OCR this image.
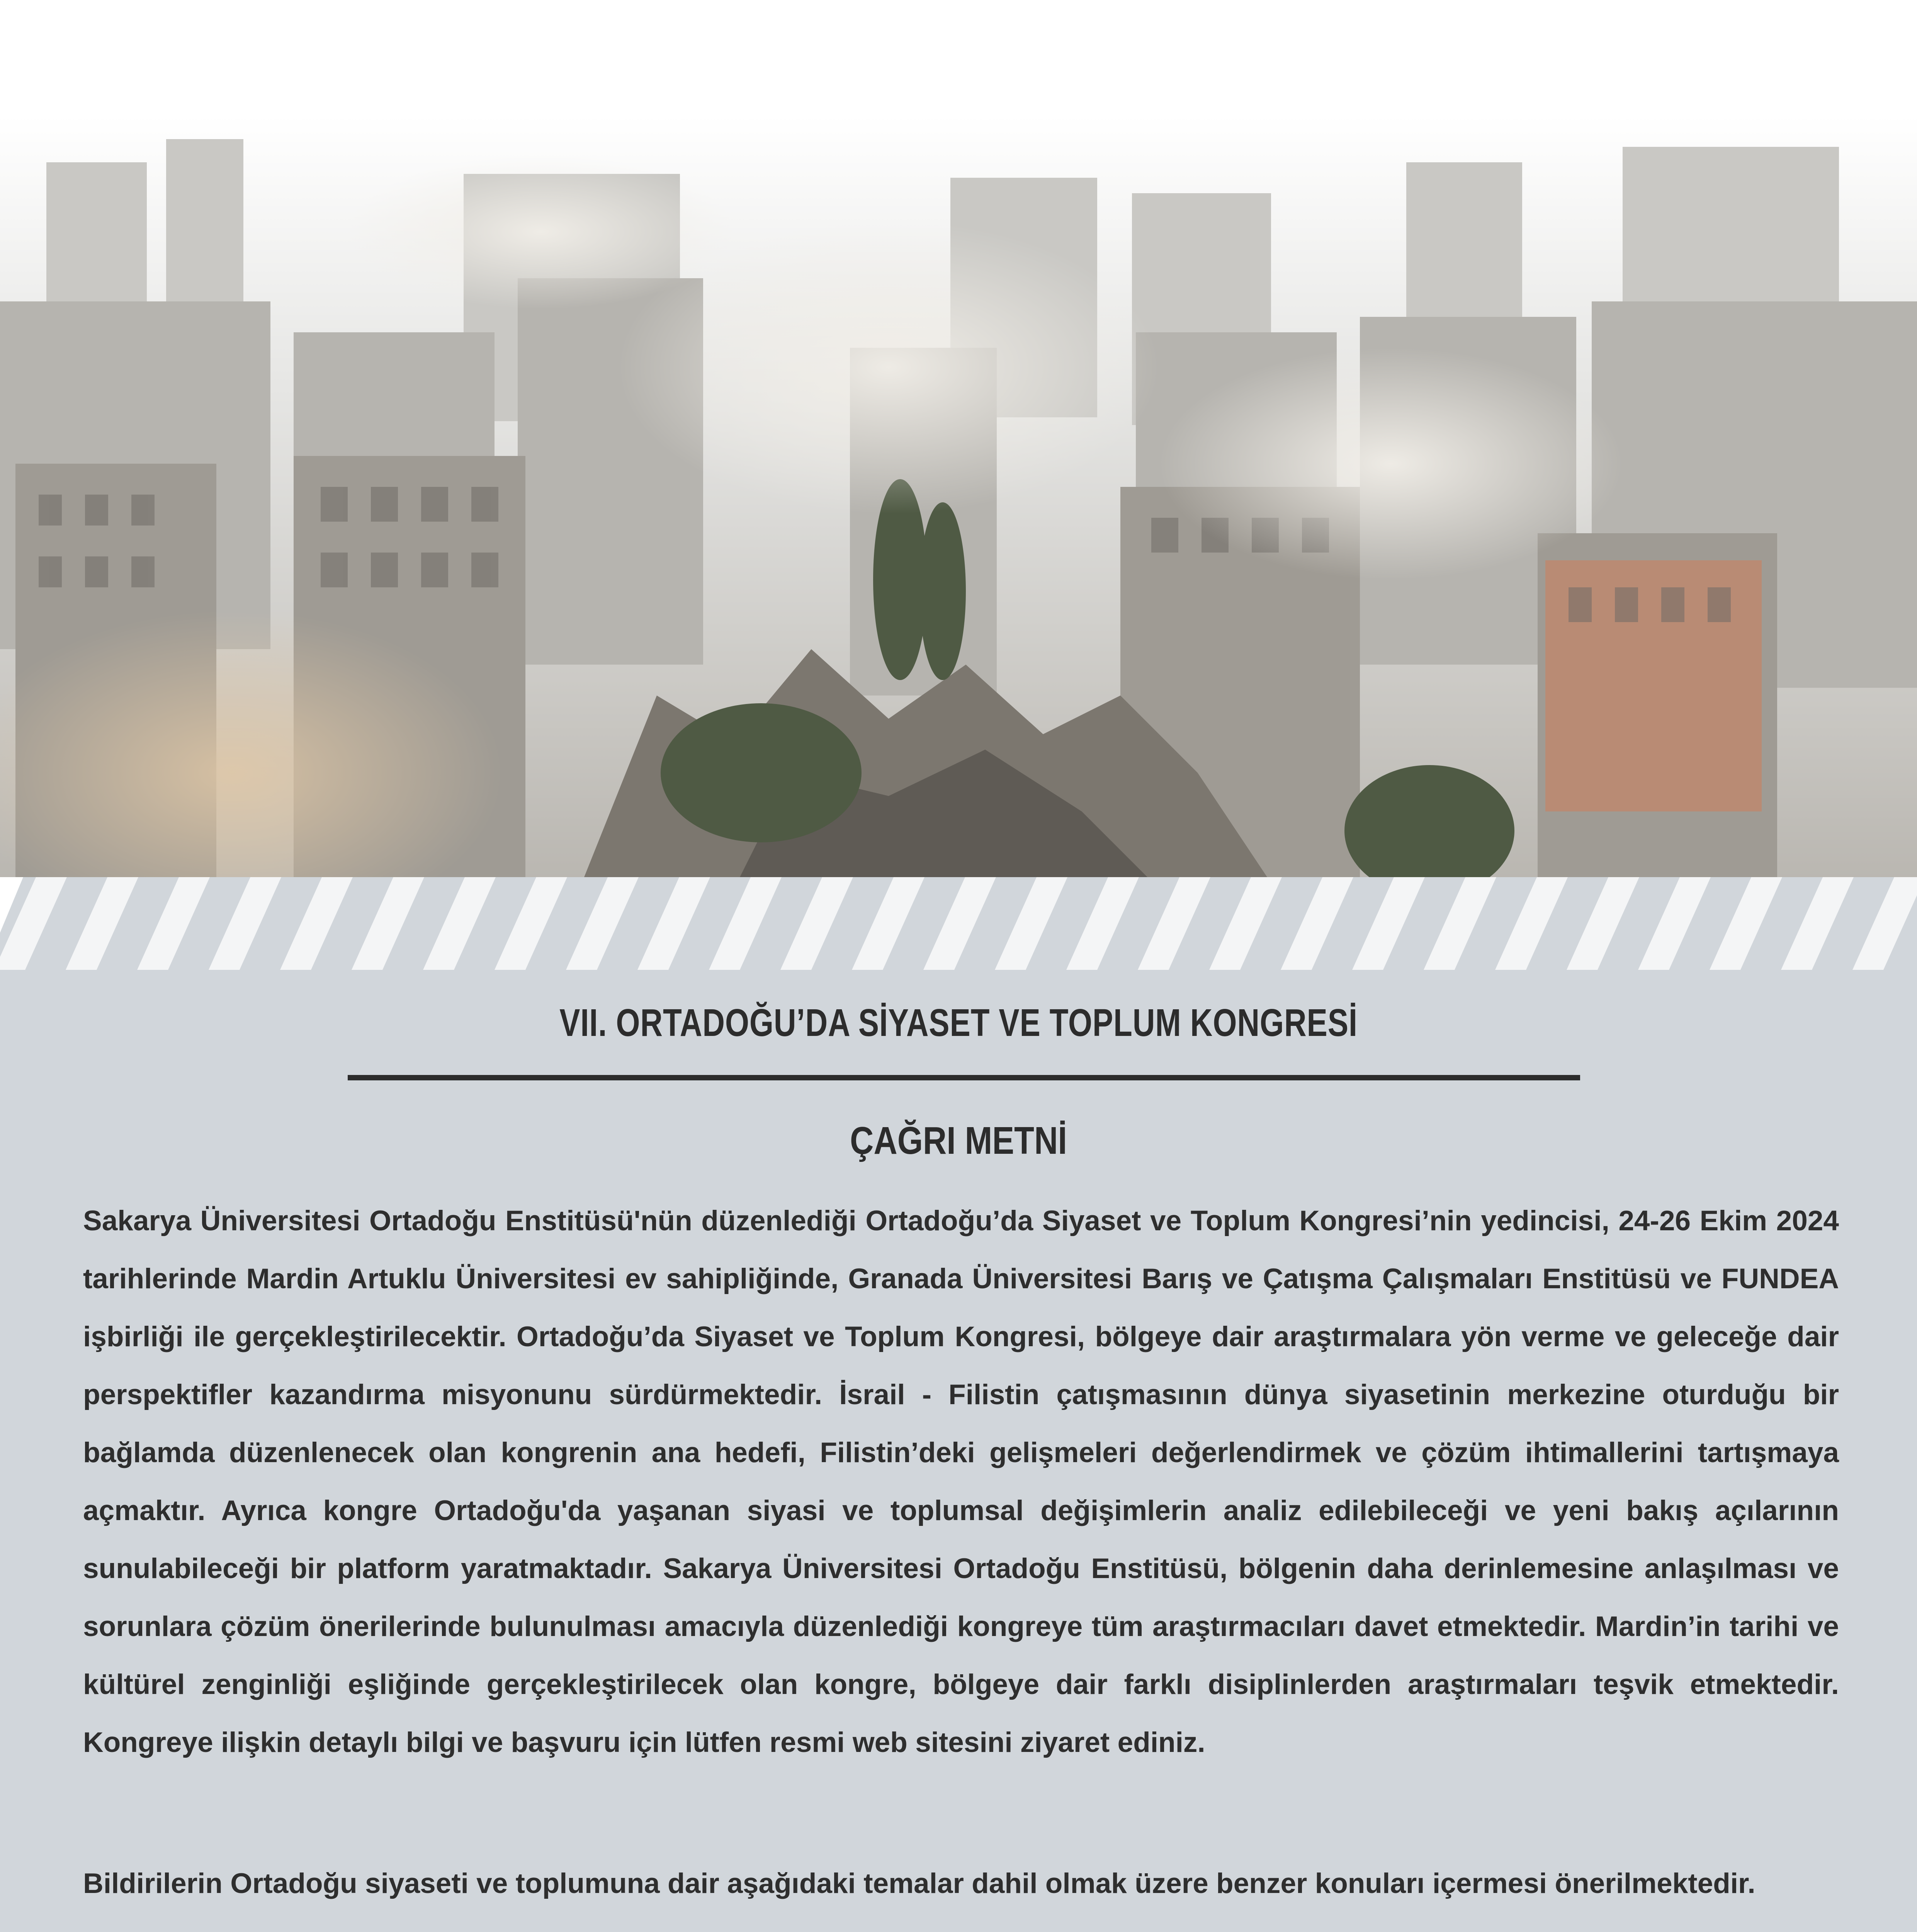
VII. ORTADOĞU’DA SİYASET VE TOPLUM KONGRESİ
ÇAĞRI METNİ

Sakarya Üniversitesi Ortadoğu Enstitüsü'nün düzenlediği Ortadoğu’da Siyaset ve Toplum Kongresi’nin yedincisi, 24-26 Ekim 2024 tarihlerinde Mardin Artuklu Üniversitesi ev sahipliğinde, Granada Üniversitesi Barış ve Çatışma Çalışmaları Enstitüsü ve FUNDEA işbirliği ile gerçekleştirilecektir. Ortadoğu’da Siyaset ve Toplum Kongresi, bölgeye dair araştırmalara yön verme ve geleceğe dair perspektifler kazandırma misyonunu sürdürmektedir. İsrail - Filistin çatışmasının dünya siyasetinin merkezine oturduğu bir bağlamda düzenlenecek olan kongrenin ana hedefi, Filistin’deki gelişmeleri değerlendirmek ve çözüm ihtimallerini tartışmaya açmaktır. Ayrıca kongre Ortadoğu'da yaşanan siyasi ve toplumsal değişimlerin analiz edilebileceği ve yeni bakış açılarının sunulabileceği bir platform yaratmaktadır. Sakarya Üniversitesi Ortadoğu Enstitüsü, bölgenin daha derinlemesine anlaşılması ve sorunlara çözüm önerilerinde bulunulması amacıyla düzenlediği kongreye tüm araştırmacıları davet etmektedir. Mardin’in tarihi ve kültürel zenginliği eşliğinde gerçekleştirilecek olan kongre, bölgeye dair farklı disiplinlerden araştırmaları teşvik etmektedir. Kongreye ilişkin detaylı bilgi ve başvuru için lütfen resmi web sitesini ziyaret ediniz.

Bildirilerin Ortadoğu siyaseti ve toplumuna dair aşağıdaki temalar dahil olmak üzere benzer konuları içermesi önerilmektedir.
